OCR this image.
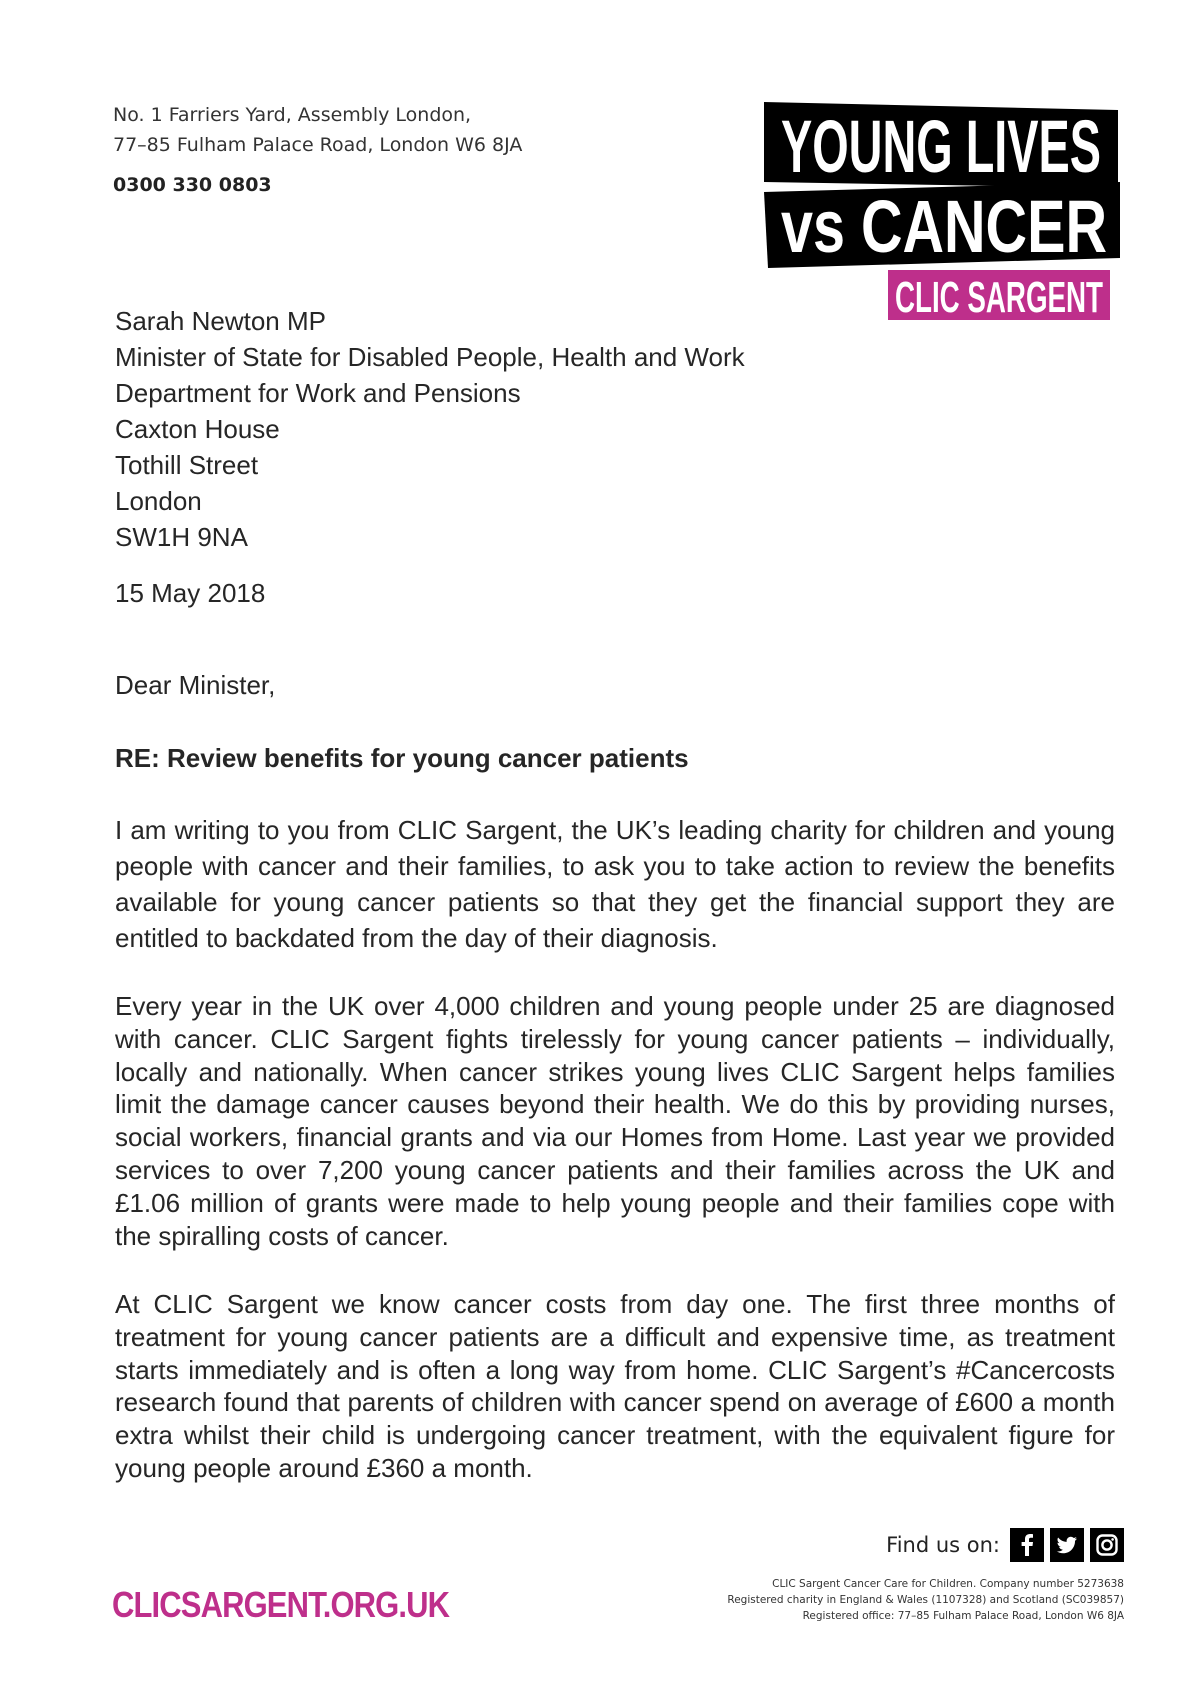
No. 1 Farriers Yard, Assembly London,
77–85 Fulham Palace Road, London W6 8JA
0300 330 0803	YOUNG LIVES
vs CANCER
CLIC SARGENT
Sarah Newton MP
Minister of State for Disabled People, Health and Work
Department for Work and Pensions
Caxton House
Tothill Street
London
SW1H 9NA
15 May 2018
Dear Minister,
RE: Review benefits for young cancer patients

I am writing to you from CLIC Sargent, the UK’s leading charity for children and young people with cancer and their families, to ask you to take action to review the benefits available for young cancer patients so that they get the financial support they are entitled to backdated from the day of their diagnosis.

Every year in the UK over 4,000 children and young people under 25 are diagnosed with cancer. CLIC Sargent fights tirelessly for young cancer patients – individually, locally and nationally. When cancer strikes young lives CLIC Sargent helps families limit the damage cancer causes beyond their health. We do this by providing nurses, social workers, financial grants and via our Homes from Home. Last year we provided services to over 7,200 young cancer patients and their families across the UK and £1.06 million of grants were made to help young people and their families cope with the spiralling costs of cancer.

At CLIC Sargent we know cancer costs from day one. The first three months of treatment for young cancer patients are a difficult and expensive time, as treatment starts immediately and is often a long way from home. CLIC Sargent’s #Cancercosts research found that parents of children with cancer spend on average of £600 a month extra whilst their child is undergoing cancer treatment, with the equivalent figure for young people around £360 a month.

CLICSARGENT.ORG.UK
Find us on:
CLIC Sargent Cancer Care for Children. Company number 5273638
Registered charity in England & Wales (1107328) and Scotland (SC039857)
Registered office: 77–85 Fulham Palace Road, London W6 8JA
